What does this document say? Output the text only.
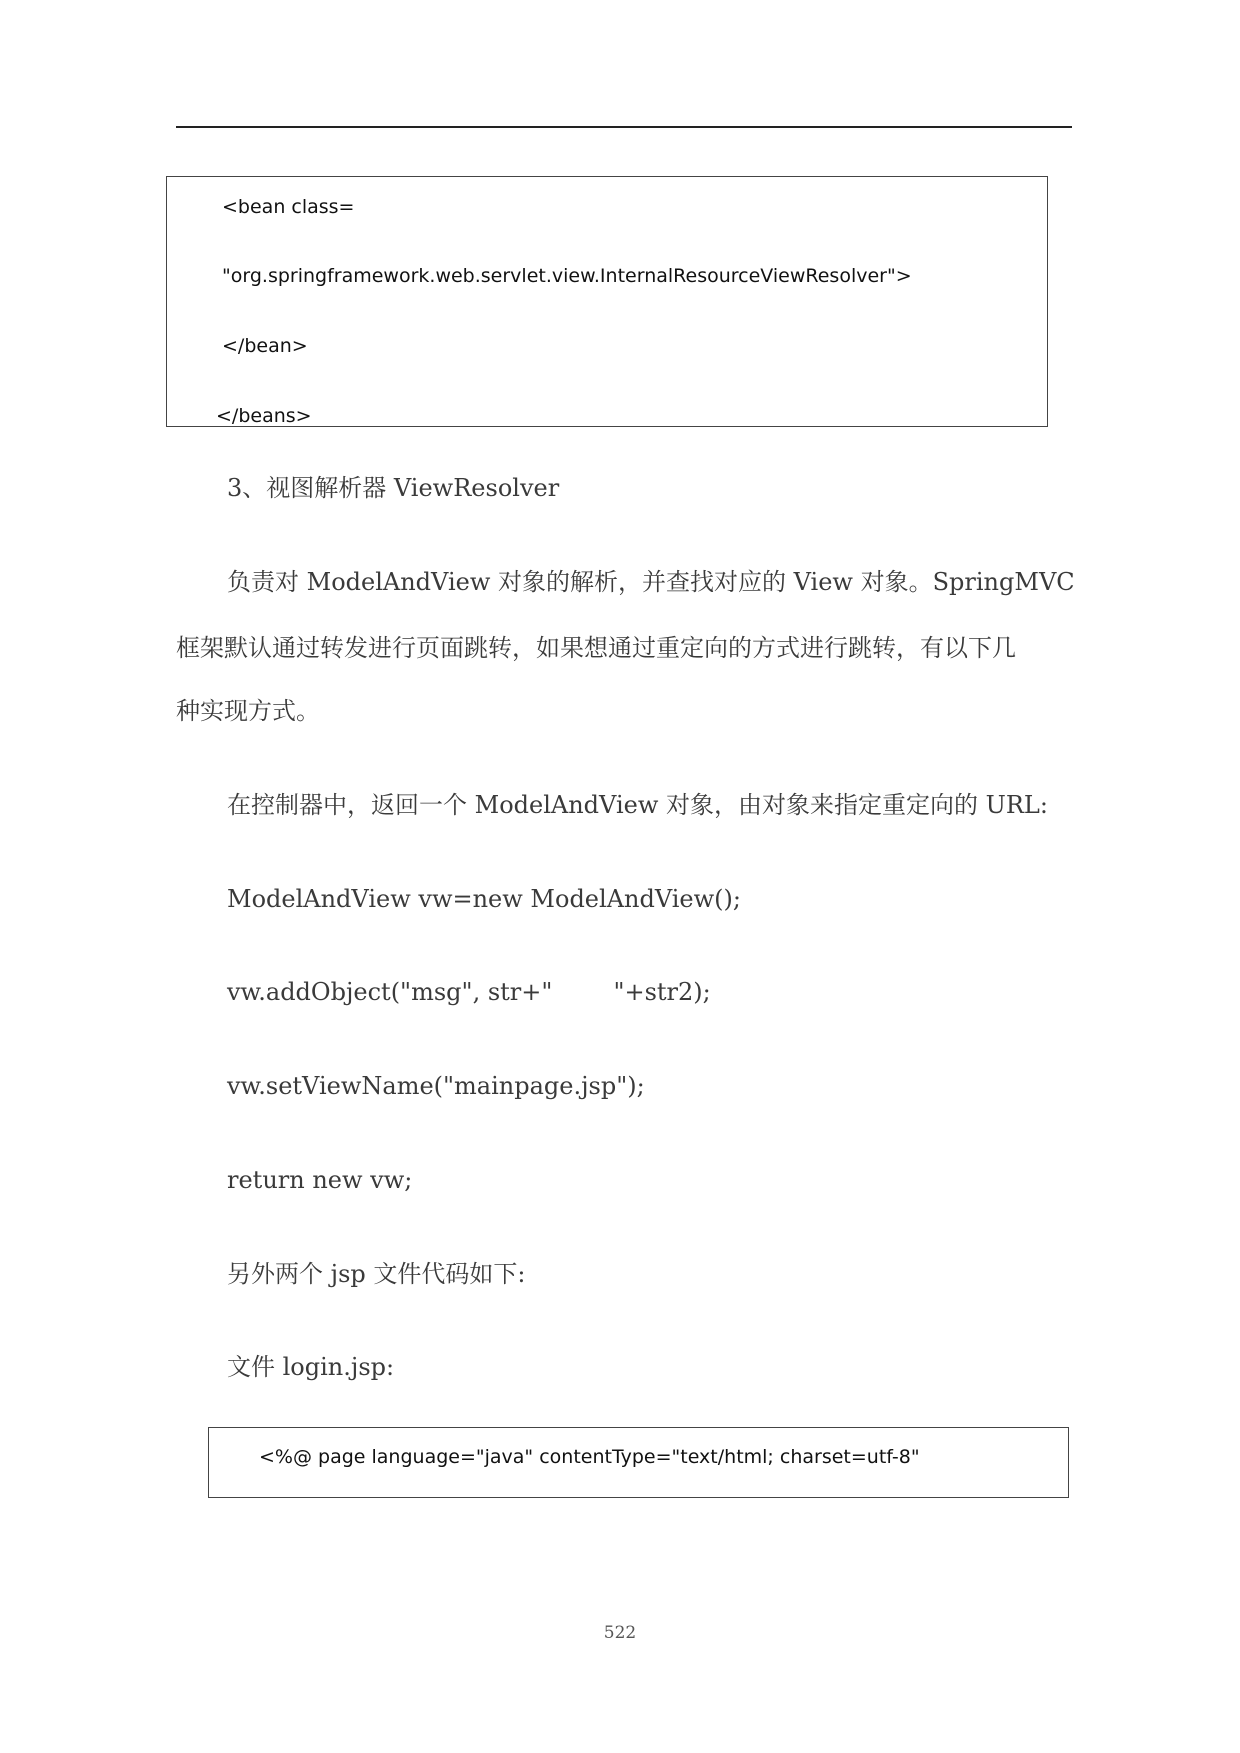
<bean class=
"org.springframework.web.servlet.view.InternalResourceViewResolver">
</bean>
</beans>
3、视图解析器 ViewResolver
负责对 ModelAndView 对象的解析，并查找对应的 View 对象。SpringMVC
框架默认通过转发进行页面跳转，如果想通过重定向的方式进行跳转，有以下几
种实现方式。
在控制器中，返回一个 ModelAndView 对象，由对象来指定重定向的 URL:
ModelAndView vw=new ModelAndView();
vw.addObject("msg", str+"        "+str2);
vw.setViewName("mainpage.jsp");
return new vw;
另外两个 jsp 文件代码如下:
文件 login.jsp:
<%@ page language="java" contentType="text/html; charset=utf-8"
522
